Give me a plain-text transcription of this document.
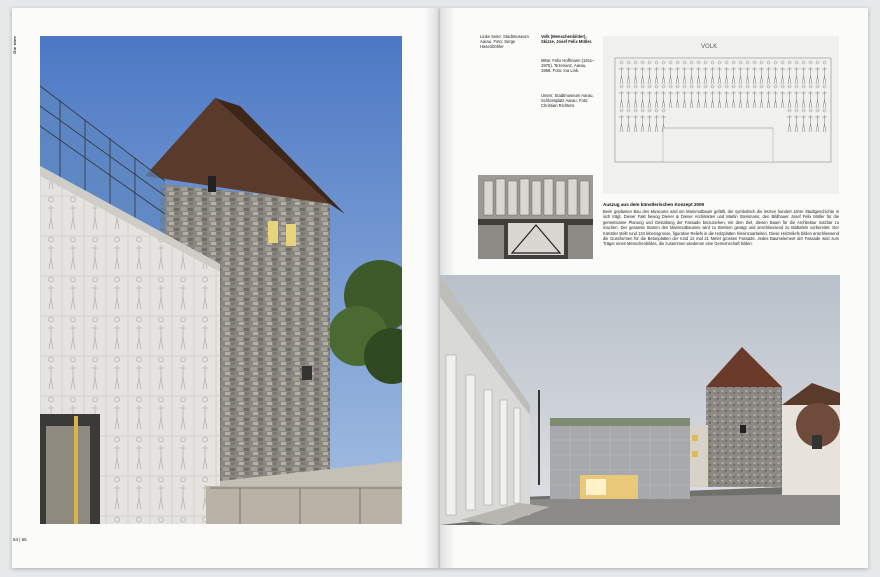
Die Idee
64 | 65
Linke Seite: Stadtmuseum Aarau. Foto: Serge Hasenböhler
Volk (Menschenbilder), Skizze, Josef Felix Müller.
Mitte: Felix Hoffmann (1911–1975), Tezenanz, Aarau, 1966. Foto: Ina Link.
Unten: Stadtmuseum Aarau, Schlossplatz Aarau. Foto: Christian Richters.
VOLK
Auszug aus dem künstlerischen Konzept 2009
Beim geplanten Bau des Museums wird ein Mammutbaum gefällt, der symbolisch die letzten hundert Jahre Stadtgeschichte in sich trägt. Dieser Fakt bewog Diener & Diener Architekten und Martin Steinmann, den Bildhauer Josef Felix Müller für die gemeinsame Planung und Gestaltung der Fassade beizuziehen, mit dem Ziel, diesen Baum für die Architektur nutzbar zu machen. Der gesamte Stamm des Mammutbaumes wird zu Brettern gesägt und anschliessend zu Bildtafeln vorbereitet. Der Künstler stellt rund 134 lebensgrosse, figurative Reliefs in die Holzplatten hineinzuarbeiten. Diese Holzreliefs bilden anschliessend die Gussformen für die Betonplatten der rund 12 mal 21 Meter grossen Fassade. Jedes Baumelement der Fassade wird zum Träger eines Menschenbildes, die zusammen wiederum eine Gemeinschaft bilden.
